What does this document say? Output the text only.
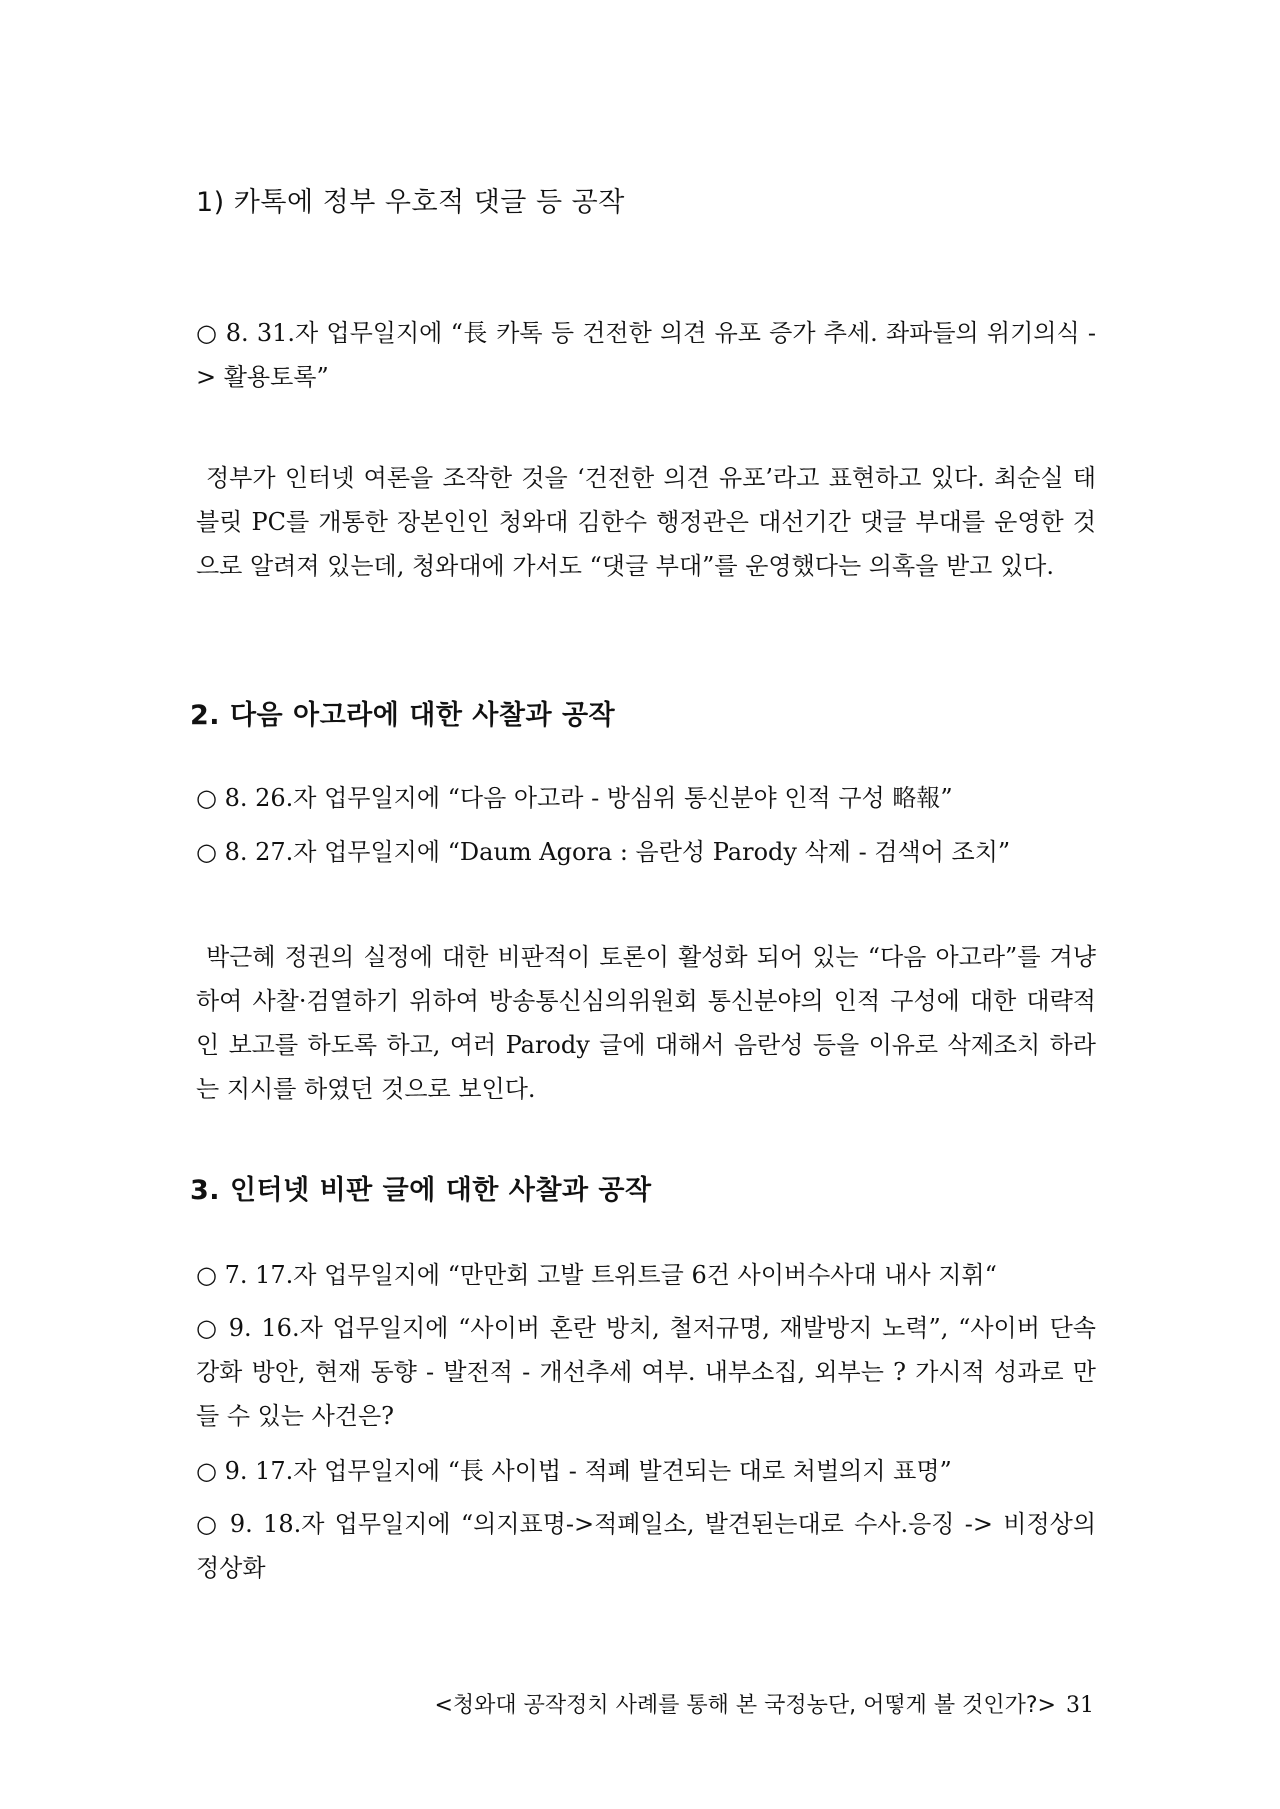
1) 카톡에 정부 우호적 댓글 등 공작

○ 8. 31.자 업무일지에 “長 카톡 등 건전한 의견 유포 증가 추세. 좌파들의 위기의식 -> 활용토록”

정부가 인터넷 여론을 조작한 것을 ‘건전한 의견 유포’라고 표현하고 있다. 최순실 태블릿 PC를 개통한 장본인인 청와대 김한수 행정관은 대선기간 댓글 부대를 운영한 것으로 알려져 있는데, 청와대에 가서도 “댓글 부대”를 운영했다는 의혹을 받고 있다.

2. 다음 아고라에 대한 사찰과 공작

○ 8. 26.자 업무일지에 “다음 아고라 - 방심위 통신분야 인적 구성 略報”

○ 8. 27.자 업무일지에 “Daum Agora : 음란성 Parody 삭제 - 검색어 조치”

박근혜 정권의 실정에 대한 비판적이 토론이 활성화 되어 있는 “다음 아고라”를 겨냥하여 사찰·검열하기 위하여 방송통신심의위원회 통신분야의 인적 구성에 대한 대략적인 보고를 하도록 하고, 여러 Parody 글에 대해서 음란성 등을 이유로 삭제조치 하라는 지시를 하였던 것으로 보인다.

3. 인터넷 비판 글에 대한 사찰과 공작

○ 7. 17.자 업무일지에 “만만회 고발 트위트글 6건 사이버수사대 내사 지휘“

○ 9. 16.자 업무일지에 “사이버 혼란 방치, 철저규명, 재발방지 노력”, “사이버 단속 강화 방안, 현재 동향 - 발전적 - 개선추세 여부. 내부소집, 외부는 ? 가시적 성과로 만들 수 있는 사건은?

○ 9. 17.자 업무일지에 “長 사이법 - 적폐 발견되는 대로 처벌의지 표명”

○ 9. 18.자 업무일지에 “의지표명->적폐일소, 발견된는대로 수사.응징 -> 비정상의 정상화

<청와대 공작정치 사례를 통해 본 국정농단, 어떻게 볼 것인가?> 31
